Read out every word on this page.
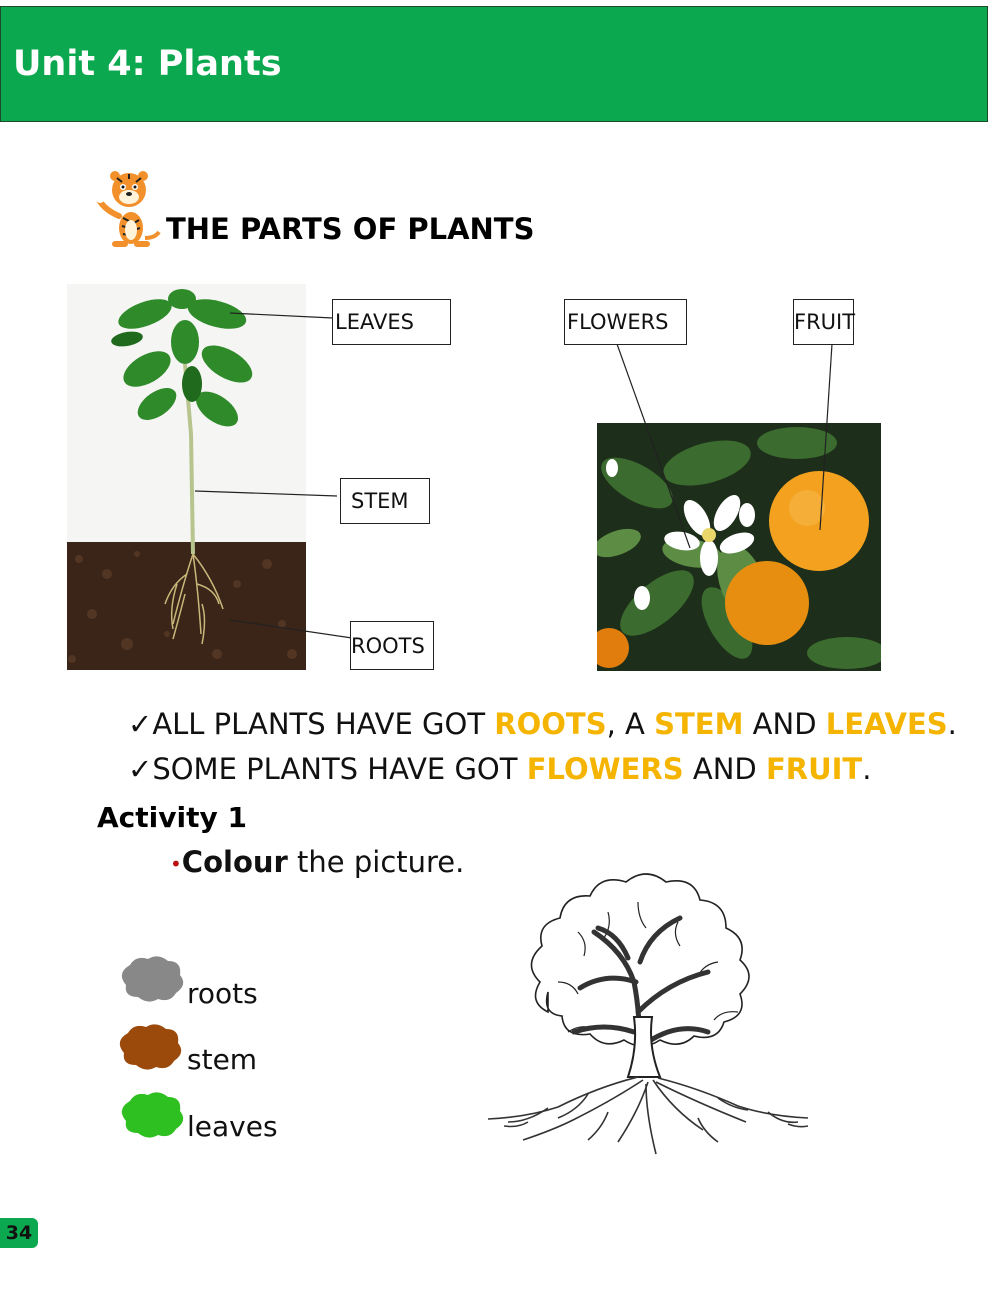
Unit 4: Plants
THE PARTS OF PLANTS
LEAVES
STEM
ROOTS
FLOWERS	FRUIT
✓ALL PLANTS HAVE GOT ROOTS, A STEM AND LEAVES.
✓SOME PLANTS HAVE GOT FLOWERS AND FRUIT.
Activity 1
•Colour the picture.
roots
stem
leaves
34
